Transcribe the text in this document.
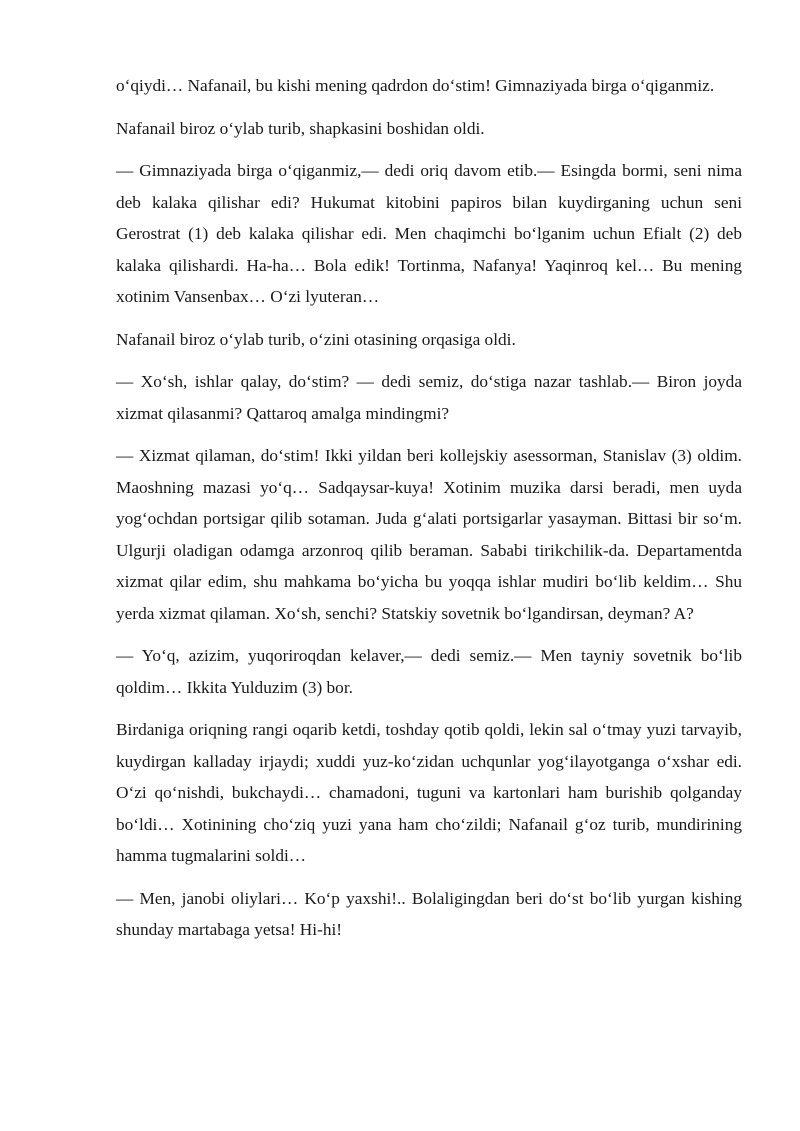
o‘qiydi… Nafanail, bu kishi mening qadrdon do‘stim! Gimnaziyada birga o‘qiganmiz.

Nafanail biroz o‘ylab turib, shapkasini boshidan oldi.

— Gimnaziyada birga o‘qiganmiz,— dedi oriq davom etib.— Esingda bormi, seni nima deb kalaka qilishar edi? Hukumat kitobini papiros bilan kuydirganing uchun seni Gerostrat (1) deb kalaka qilishar edi. Men chaqimchi bo‘lganim uchun Efialt (2) deb kalaka qilishardi. Ha-ha… Bola edik! Tortinma, Nafanya! Yaqinroq kel… Bu mening xotinim Vansenbax… O‘zi lyuteran…

Nafanail biroz o‘ylab turib, o‘zini otasining orqasiga oldi.

— Xo‘sh, ishlar qalay, do‘stim? — dedi semiz, do‘stiga nazar tashlab.— Biron joyda xizmat qilasanmi? Qattaroq amalga mindingmi?

— Xizmat qilaman, do‘stim! Ikki yildan beri kollejskiy asessorman, Stanislav (3) oldim. Maoshning mazasi yo‘q… Sadqaysar-kuya! Xotinim muzika darsi beradi, men uyda yog‘ochdan portsigar qilib sotaman. Juda g‘alati portsigarlar yasayman. Bittasi bir so‘m. Ulgurji oladigan odamga arzonroq qilib beraman. Sababi tirikchilik-da. Departamentda xizmat qilar edim, shu mahkama bo‘yicha bu yoqqa ishlar mudiri bo‘lib keldim… Shu yerda xizmat qilaman. Xo‘sh, senchi? Statskiy sovetnik bo‘lgandirsan, deyman? A?

— Yo‘q, azizim, yuqoriroqdan kelaver,— dedi semiz.— Men tayniy sovetnik bo‘lib qoldim… Ikkita Yulduzim (3) bor.

Birdaniga oriqning rangi oqarib ketdi, toshday qotib qoldi, lekin sal o‘tmay yuzi tarvayib, kuydirgan kalladay irjaydi; xuddi yuz-ko‘zidan uchqunlar yog‘ilayotganga o‘xshar edi. O‘zi qo‘nishdi, bukchaydi… chamadoni, tuguni va kartonlari ham burishib qolganday bo‘ldi… Xotinining cho‘ziq yuzi yana ham cho‘zildi; Nafanail g‘oz turib, mundirining hamma tugmalarini soldi…

— Men, janobi oliylari… Ko‘p yaxshi!.. Bolaligingdan beri do‘st bo‘lib yurgan kishing shunday martabaga yetsa! Hi-hi!
